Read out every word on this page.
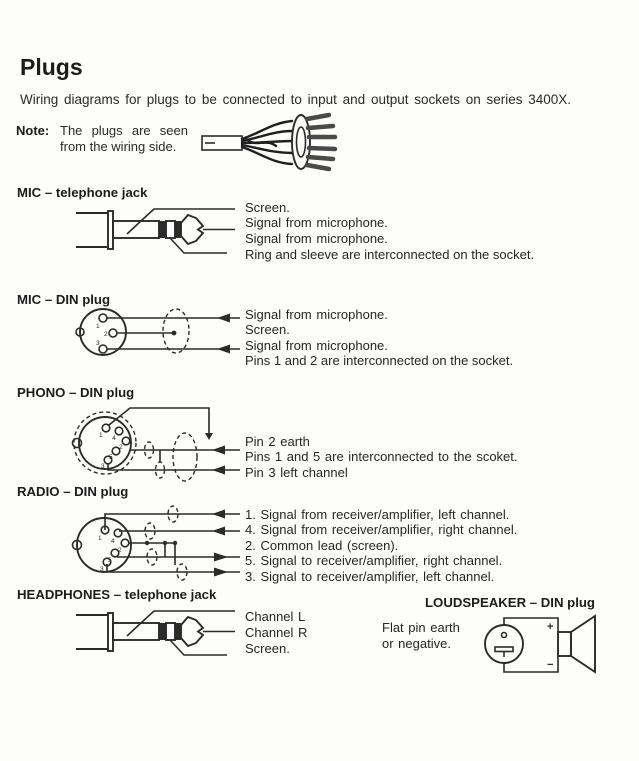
Plugs
Wiring diagrams for plugs to be connected to input and output sockets on series 3400X.
Note: The plugs are seen from the wiring side.
MIC – telephone jack
Screen.
Signal from microphone.
Signal from microphone.
Ring and sleeve are interconnected on the socket.
MIC – DIN plug
1
2
3
Signal from microphone.
Screen.
Signal from microphone.
Pins 1 and 2 are interconnected on the socket.
PHONO – DIN plug
1 4
2
5
3
Pin 2 earth
Pins 1 and 5 are interconnected to the scoket.
Pin 3 left channel
RADIO – DIN plug
1 4
2
5
3
1. Signal from receiver/amplifier, left channel.
4. Signal from receiver/amplifier, right channel.
2. Common lead (screen).
5. Signal to receiver/amplifier, right channel.
3. Signal to receiver/amplifier, left channel.
HEADPHONES – telephone jack
Channel L
Channel R
Screen.
LOUDSPEAKER – DIN plug
Flat pin earth
or negative.
+
−
